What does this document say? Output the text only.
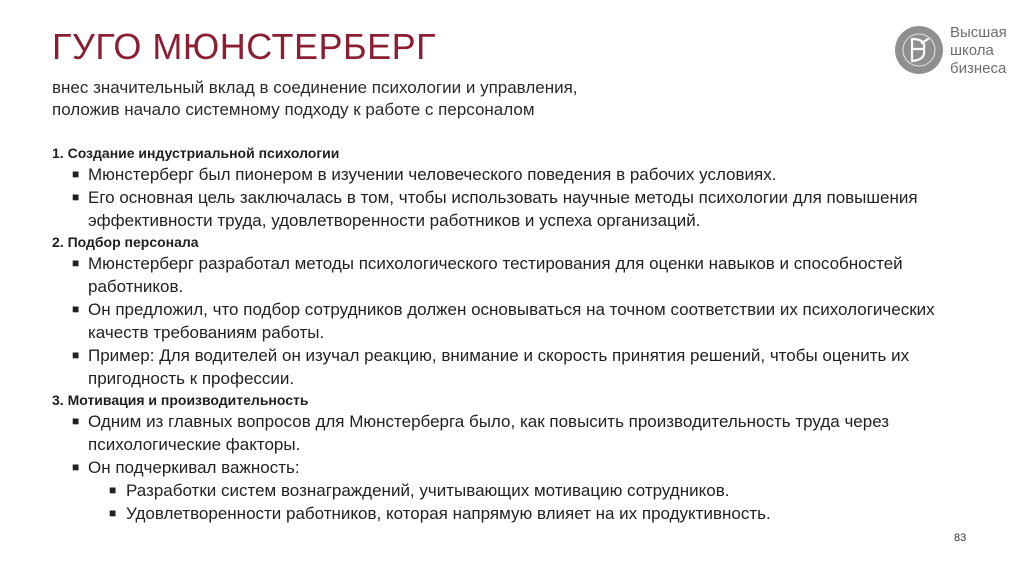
ГУГО МЮНСТЕРБЕРГ
внес значительный вклад в соединение психологии и управления,
положив начало системному подходу к работе с персоналом
Высшая
школа
бизнеса
1. Создание индустриальной психологии
■ Мюнстерберг был пионером в изучении человеческого поведения в рабочих условиях.
■ Его основная цель заключалась в том, чтобы использовать научные методы психологии для повышения эффективности труда, удовлетворенности работников и успеха организаций.
2. Подбор персонала
■ Мюнстерберг разработал методы психологического тестирования для оценки навыков и способностей работников.
■ Он предложил, что подбор сотрудников должен основываться на точном соответствии их психологических качеств требованиям работы.
■ Пример: Для водителей он изучал реакцию, внимание и скорость принятия решений, чтобы оценить их пригодность к профессии.
3. Мотивация и производительность
■ Одним из главных вопросов для Мюнстерберга было, как повысить производительность труда через психологические факторы.
■ Он подчеркивал важность:
■ Разработки систем вознаграждений, учитывающих мотивацию сотрудников.
■ Удовлетворенности работников, которая напрямую влияет на их продуктивность.
83
